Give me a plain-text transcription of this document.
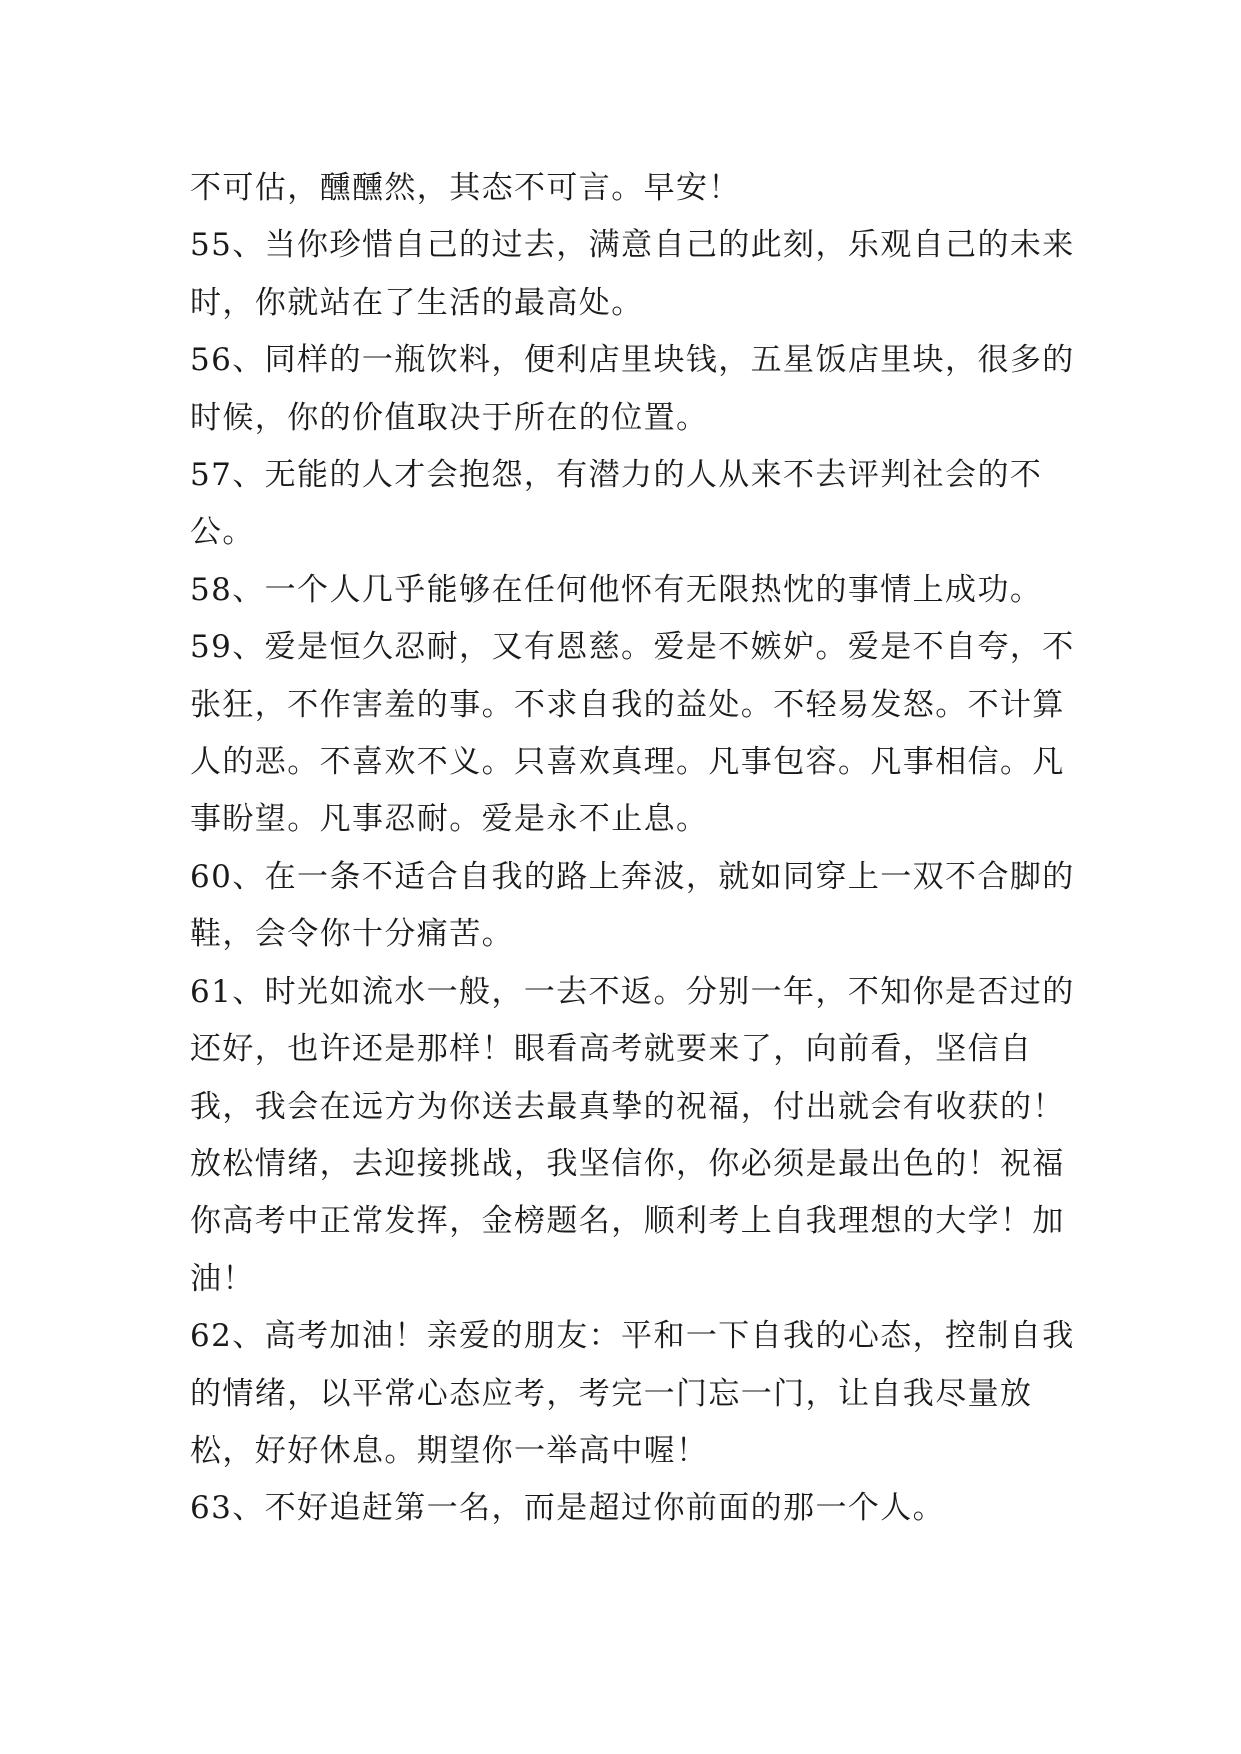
不可估，醺醺然，其态不可言。早安！

55、当你珍惜自己的过去，满意自己的此刻，乐观自己的未来时，你就站在了生活的最高处。

56、同样的一瓶饮料，便利店里块钱，五星饭店里块，很多的时候，你的价值取决于所在的位置。

57、无能的人才会抱怨，有潜力的人从来不去评判社会的不公。

58、一个人几乎能够在任何他怀有无限热忱的事情上成功。

59、爱是恒久忍耐，又有恩慈。爱是不嫉妒。爱是不自夸，不张狂，不作害羞的事。不求自我的益处。不轻易发怒。不计算人的恶。不喜欢不义。只喜欢真理。凡事包容。凡事相信。凡事盼望。凡事忍耐。爱是永不止息。

60、在一条不适合自我的路上奔波，就如同穿上一双不合脚的鞋，会令你十分痛苦。

61、时光如流水一般，一去不返。分别一年，不知你是否过的还好，也许还是那样！眼看高考就要来了，向前看，坚信自我，我会在远方为你送去最真挚的祝福，付出就会有收获的！放松情绪，去迎接挑战，我坚信你，你必须是最出色的！祝福你高考中正常发挥，金榜题名，顺利考上自我理想的大学！加油！

62、高考加油！亲爱的朋友：平和一下自我的心态，控制自我的情绪，以平常心态应考，考完一门忘一门，让自我尽量放松，好好休息。期望你一举高中喔！

63、不好追赶第一名，而是超过你前面的那一个人。
